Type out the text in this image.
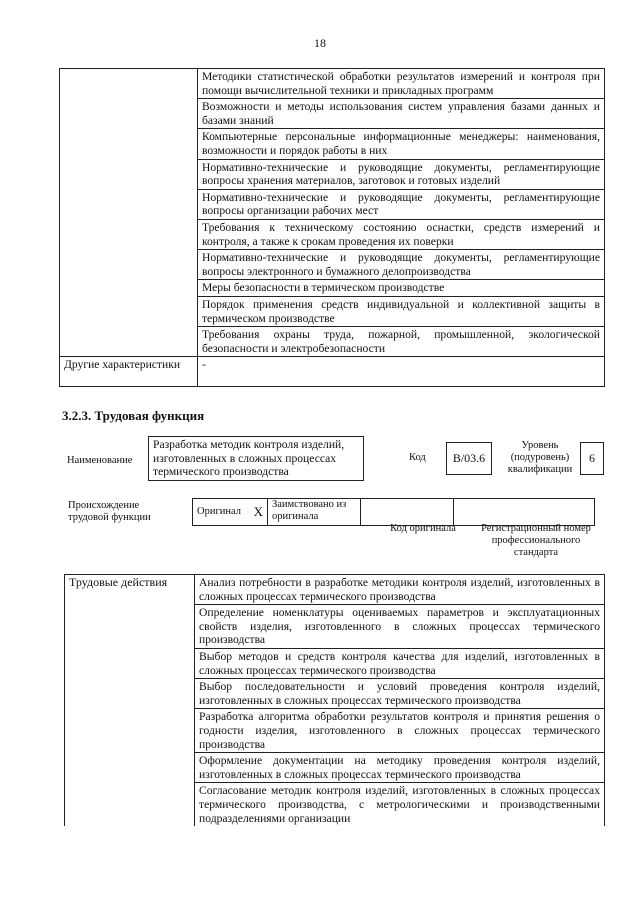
18
	Методики статистической обработки результатов измерений и контроля при помощи вычислительной техники и прикладных программ
	Возможности и методы использования систем управления базами данных и базами знаний
	Компьютерные персональные информационные менеджеры: наименования, возможности и порядок работы в них
	Нормативно-технические и руководящие документы, регламентирующие вопросы хранения материалов, заготовок и готовых изделий
	Нормативно-технические и руководящие документы, регламентирующие вопросы организации рабочих мест
	Требования к техническому состоянию оснастки, средств измерений и контроля, а также к срокам проведения их поверки
	Нормативно-технические и руководящие документы, регламентирующие вопросы электронного и бумажного делопроизводства
	Меры безопасности в термическом производстве
	Порядок применения средств индивидуальной и коллективной защиты в термическом производстве
	Требования охраны труда, пожарной, промышленной, экологической безопасности и электробезопасности
Другие характеристики	-
3.2.3. Трудовая функция
Наименование
Разработка методик контроля изделий, изготовленных в сложных процессах термического производства
Код	B/03.6
Уровень (подуровень) квалификации
6
Происхождение трудовой функции
Оригинал	X	Заимствовано из оригинала		
Код оригинала	Регистрационный номер профессионального стандарта
Трудовые действия	Анализ потребности в разработке методики контроля изделий, изготовленных в сложных процессах термического производства
Определение номенклатуры оцениваемых параметров и эксплуатационных свойств изделия, изготовленного в сложных процессах термического производства
Выбор методов и средств контроля качества для изделий, изготовленных в сложных процессах термического производства
Выбор последовательности и условий проведения контроля изделий, изготовленных в сложных процессах термического производства
Разработка алгоритма обработки результатов контроля и принятия решения о годности изделия, изготовленного в сложных процессах термического производства
Оформление документации на методику проведения контроля изделий, изготовленных в сложных процессах термического производства
Согласование методик контроля изделий, изготовленных в сложных процессах термического производства, с метрологическими и производственными подразделениями организации
